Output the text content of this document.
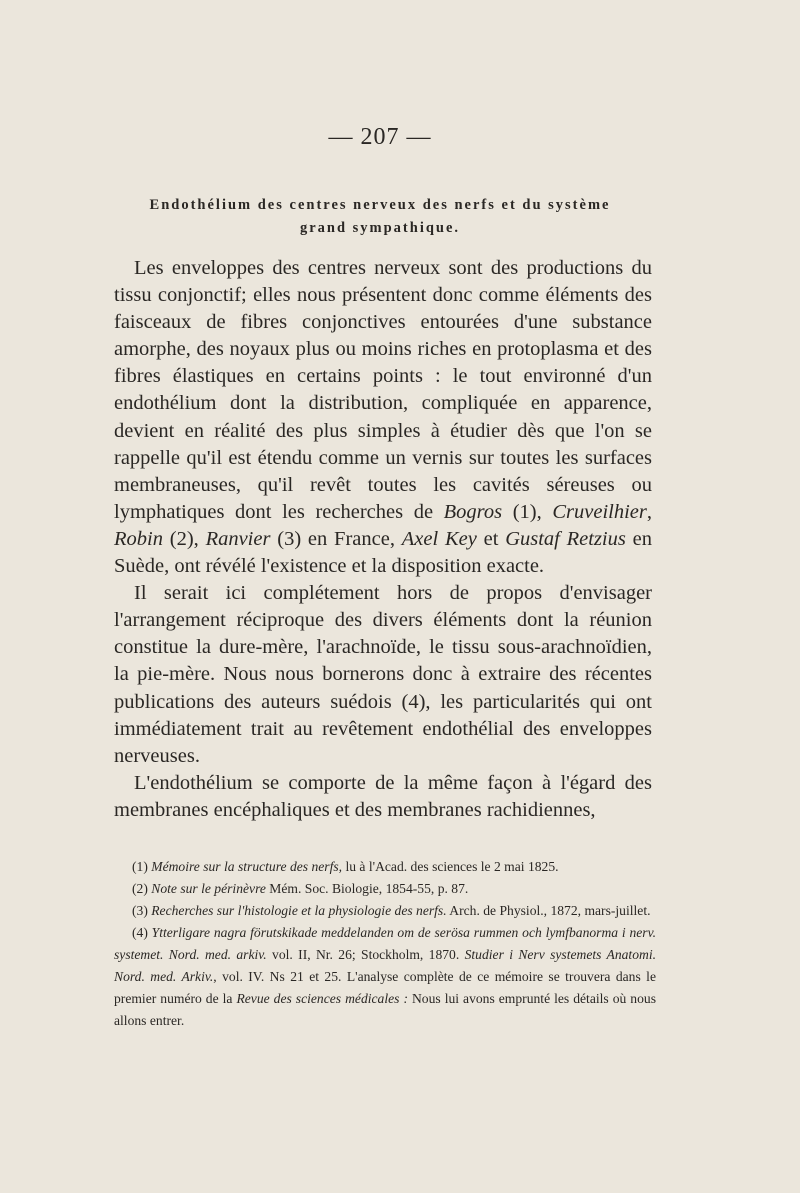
— 207 —
Endothélium des centres nerveux des nerfs et du système
grand sympathique.

Les enveloppes des centres nerveux sont des productions du tissu conjonctif; elles nous présentent donc comme éléments des faisceaux de fibres conjonctives entourées d'une substance amorphe, des noyaux plus ou moins riches en protoplasma et des fibres élastiques en certains points : le tout environné d'un endothélium dont la distribution, compliquée en apparence, devient en réalité des plus simples à étudier dès que l'on se rappelle qu'il est étendu comme un vernis sur toutes les surfaces membraneuses, qu'il revêt toutes les cavités séreuses ou lymphatiques dont les recherches de Bogros (1), Cruveilhier, Robin (2), Ranvier (3) en France, Axel Key et Gustaf Retzius en Suède, ont révélé l'existence et la disposition exacte.

Il serait ici complétement hors de propos d'envisager l'arrangement réciproque des divers éléments dont la réunion constitue la dure-mère, l'arachnoïde, le tissu sous-arachnoïdien, la pie-mère. Nous nous bornerons donc à extraire des récentes publications des auteurs suédois (4), les particularités qui ont immédiatement trait au revêtement endothélial des enveloppes nerveuses.

L'endothélium se comporte de la même façon à l'égard des membranes encéphaliques et des membranes rachidiennes,

(1) Mémoire sur la structure des nerfs, lu à l'Acad. des sciences le 2 mai 1825.

(2) Note sur le périnèvre Mém. Soc. Biologie, 1854-55, p. 87.

(3) Recherches sur l'histologie et la physiologie des nerfs. Arch. de Physiol., 1872, mars-juillet.

(4) Ytterligare nagra förutskikade meddelanden om de serösa rummen och lymfbanorma i nerv. systemet. Nord. med. arkiv. vol. II, Nr. 26; Stockholm, 1870. Studier i Nerv systemets Anatomi. Nord. med. Arkiv., vol. IV. Ns 21 et 25. L'analyse complète de ce mémoire se trouvera dans le premier numéro de la Revue des sciences médicales : Nous lui avons emprunté les détails où nous allons entrer.
